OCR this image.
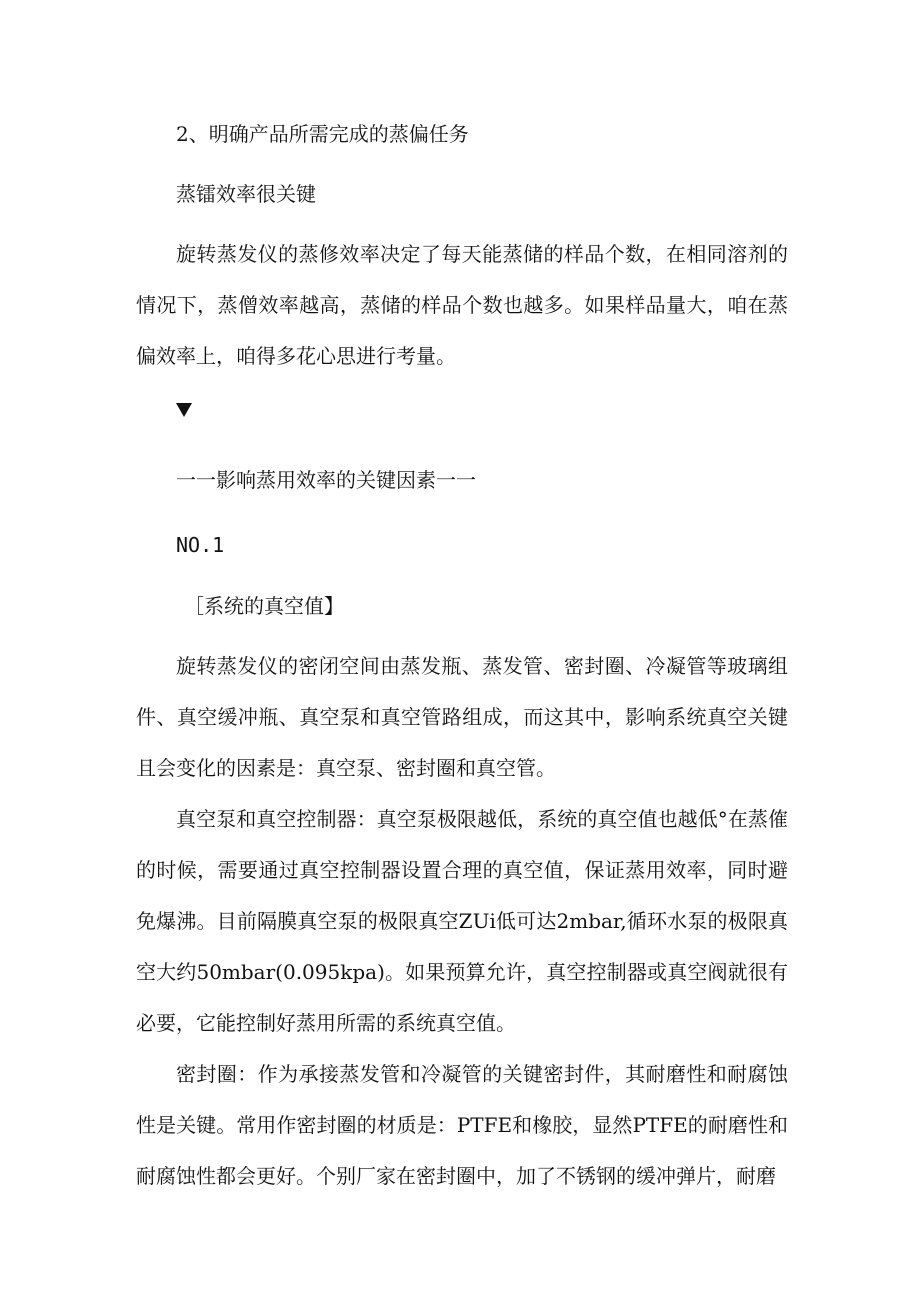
2、明确产品所需完成的蒸偏任务

蒸镭效率很关键

旋转蒸发仪的蒸修效率决定了每天能蒸储的样品个数，在相同溶剂的情况下，蒸僧效率越高，蒸储的样品个数也越多。如果样品量大，咱在蒸偏效率上，咱得多花心思进行考量。

一一影响蒸用效率的关键因素一一

NO.1

［系统的真空值】

旋转蒸发仪的密闭空间由蒸发瓶、蒸发管、密封圈、冷凝管等玻璃组件、真空缓冲瓶、真空泵和真空管路组成，而这其中，影响系统真空关键且会变化的因素是：真空泵、密封圈和真空管。

真空泵和真空控制器：真空泵极限越低，系统的真空值也越低°在蒸傕的时候，需要通过真空控制器设置合理的真空值，保证蒸用效率，同时避免爆沸。目前隔膜真空泵的极限真空ZUi低可达2mbar,循环水泵的极限真空大约50mbar(0.095kpa)。如果预算允许，真空控制器或真空阀就很有必要，它能控制好蒸用所需的系统真空值。

密封圈：作为承接蒸发管和冷凝管的关键密封件，其耐磨性和耐腐蚀性是关键。常用作密封圈的材质是：PTFE和橡胶，显然PTFE的耐磨性和耐腐蚀性都会更好。个别厂家在密封圈中，加了不锈钢的缓冲弹片，耐磨
